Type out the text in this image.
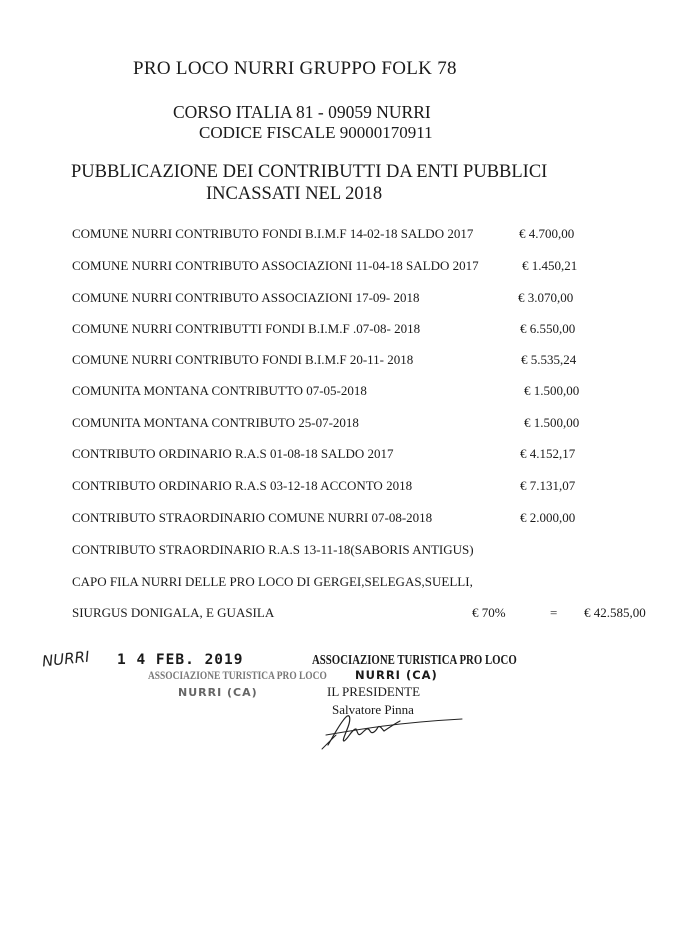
PRO LOCO NURRI GRUPPO FOLK 78
CORSO ITALIA 81 - 09059 NURRI
CODICE FISCALE 90000170911
PUBBLICAZIONE DEI CONTRIBUTTI DA ENTI PUBBLICI
INCASSATI NEL 2018
COMUNE NURRI CONTRIBUTO FONDI B.I.M.F 14-02-18 SALDO 2017	€ 4.700,00
COMUNE NURRI CONTRIBUTO ASSOCIAZIONI 11-04-18 SALDO 2017	€ 1.450,21
COMUNE NURRI CONTRIBUTO ASSOCIAZIONI 17-09- 2018	€ 3.070,00
COMUNE NURRI CONTRIBUTTI FONDI B.I.M.F .07-08- 2018	€ 6.550,00
COMUNE NURRI CONTRIBUTO FONDI B.I.M.F 20-11- 2018	€ 5.535,24
COMUNITA MONTANA CONTRIBUTTO 07-05-2018	€ 1.500,00
COMUNITA MONTANA CONTRIBUTO 25-07-2018	€ 1.500,00
CONTRIBUTO ORDINARIO R.A.S 01-08-18 SALDO 2017	€ 4.152,17
CONTRIBUTO ORDINARIO R.A.S 03-12-18 ACCONTO 2018	€ 7.131,07
CONTRIBUTO STRAORDINARIO COMUNE NURRI 07-08-2018	€ 2.000,00
CONTRIBUTO STRAORDINARIO R.A.S 13-11-18(SABORIS ANTIGUS)
CAPO FILA NURRI DELLE PRO LOCO DI GERGEI,SELEGAS,SUELLI,
SIURGUS DONIGALA, E GUASILA	€ 70%	= € 42.585,00
NURRI 1 4 FEB. 2019
ASSOCIAZIONE TURISTICA PRO LOCO
NURRI (CA)
ASSOCIAZIONE TURISTICA PRO LOCO
NURRI (CA)
IL PRESIDENTE
Salvatore Pinna
